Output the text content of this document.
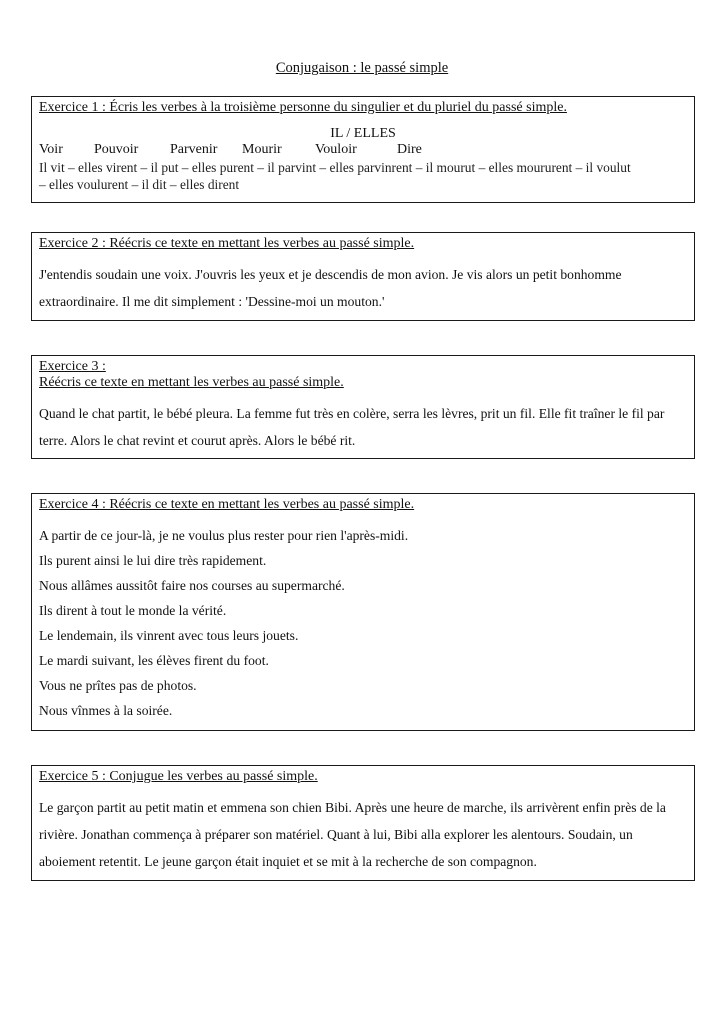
Conjugaison : le passé simple
Exercice 1 : Écris les verbes à la troisième personne du singulier et du pluriel du passé simple.
IL / ELLES
Voir Pouvoir Parvenir Mourir Vouloir	Dire
Il vit – elles virent – il put – elles purent – il parvint – elles parvinrent – il mourut – elles moururent – il voulut
– elles voulurent – il dit – elles dirent
Exercice 2 : Réécris ce texte en mettant les verbes au passé simple.
J'entendis soudain une voix. J'ouvris les yeux et je descendis de mon avion. Je vis alors un petit bonhomme extraordinaire. Il me dit simplement : 'Dessine-moi un mouton.'
Exercice 3 :
Réécris ce texte en mettant les verbes au passé simple.
Quand le chat partit, le bébé pleura. La femme fut très en colère, serra les lèvres, prit un fil. Elle fit traîner le fil par terre. Alors le chat revint et courut après. Alors le bébé rit.
Exercice 4 : Réécris ce texte en mettant les verbes au passé simple.
A partir de ce jour-là, je ne voulus plus rester pour rien l'après-midi.
Ils purent ainsi le lui dire très rapidement.
Nous allâmes aussitôt faire nos courses au supermarché.
Ils dirent à tout le monde la vérité.
Le lendemain, ils vinrent avec tous leurs jouets.
Le mardi suivant, les élèves firent du foot.
Vous ne prîtes pas de photos.
Nous vînmes à la soirée.
Exercice 5 : Conjugue les verbes au passé simple.
Le garçon partit au petit matin et emmena son chien Bibi. Après une heure de marche, ils arrivèrent enfin près de la rivière. Jonathan commença à préparer son matériel. Quant à lui, Bibi alla explorer les alentours. Soudain, un aboiement retentit. Le jeune garçon était inquiet et se mit à la recherche de son compagnon.
